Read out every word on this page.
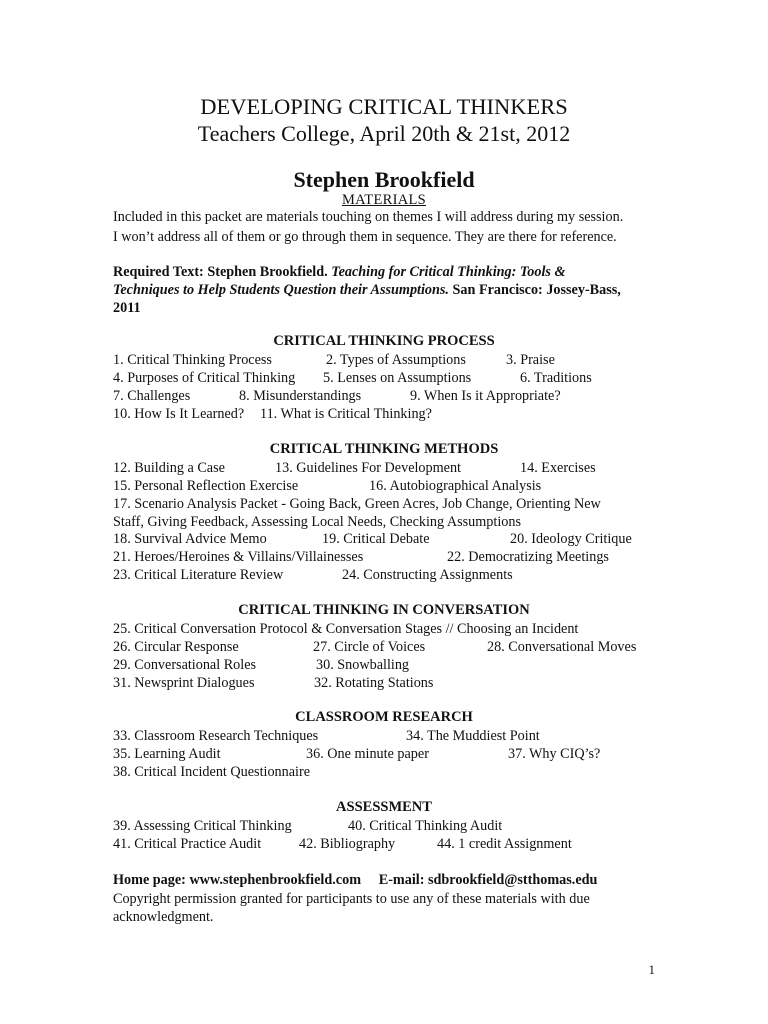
DEVELOPING CRITICAL THINKERS
Teachers College, April 20th & 21st, 2012
Stephen Brookfield
MATERIALS
Included in this packet are materials touching on themes I will address during my session.
I won’t address all of them or go through them in sequence. They are there for reference.
Required Text: Stephen Brookfield. Teaching for Critical Thinking: Tools &
Techniques to Help Students Question their Assumptions. San Francisco: Jossey-Bass,
2011
CRITICAL THINKING PROCESS
1. Critical Thinking Process	2. Types of Assumptions	3. Praise
4. Purposes of Critical Thinking 5. Lenses on Assumptions	6. Traditions
7. Challenges	8. Misunderstandings	9. When Is it Appropriate?
10. How Is It Learned? 11. What is Critical Thinking?
CRITICAL THINKING METHODS
12. Building a Case	13. Guidelines For Development	14. Exercises
15. Personal Reflection Exercise	16. Autobiographical Analysis
17. Scenario Analysis Packet - Going Back, Green Acres, Job Change, Orienting New
Staff, Giving Feedback, Assessing Local Needs, Checking Assumptions
18. Survival Advice Memo	19. Critical Debate	20. Ideology Critique
21. Heroes/Heroines & Villains/Villainesses	22. Democratizing Meetings
23. Critical Literature Review	24. Constructing Assignments
CRITICAL THINKING IN CONVERSATION
25. Critical Conversation Protocol & Conversation Stages // Choosing an Incident
26. Circular Response	27. Circle of Voices	28. Conversational Moves
29. Conversational Roles	30. Snowballing
31. Newsprint Dialogues	32. Rotating Stations
CLASSROOM RESEARCH
33. Classroom Research Techniques	34. The Muddiest Point
35. Learning Audit	36. One minute paper	37. Why CIQ’s?
38. Critical Incident Questionnaire
ASSESSMENT
39. Assessing Critical Thinking	40. Critical Thinking Audit
41. Critical Practice Audit	42. Bibliography	44. 1 credit Assignment
Home page: www.stephenbrookfield.com     E-mail: sdbrookfield@stthomas.edu
Copyright permission granted for participants to use any of these materials with due
acknowledgment.
1
